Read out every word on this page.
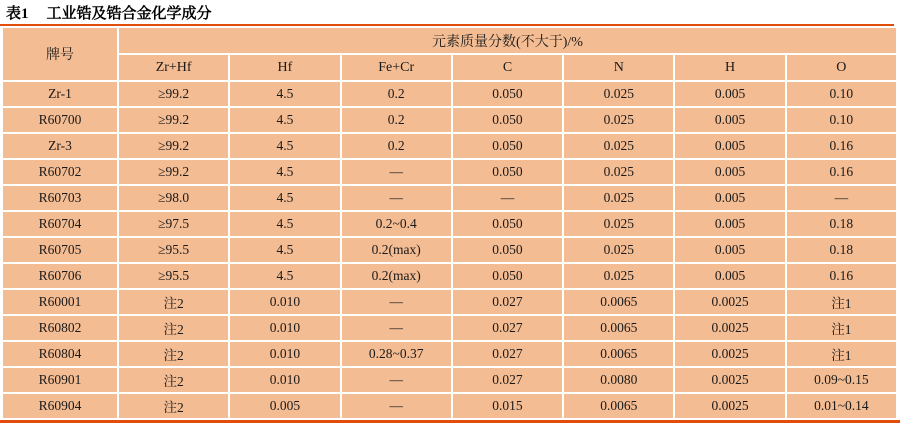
表1 工业锆及锆合金化学成分
牌号	元素质量分数(不大于)/%						
	Zr+Hf	Hf	Fe+Cr	C	N	H	O
Zr-1	≥99.2	4.5	0.2	0.050	0.025	0.005	0.10
R60700	≥99.2	4.5	0.2	0.050	0.025	0.005	0.10
Zr-3	≥99.2	4.5	0.2	0.050	0.025	0.005	0.16
R60702	≥99.2	4.5	—	0.050	0.025	0.005	0.16
R60703	≥98.0	4.5	—	—	0.025	0.005	—
R60704	≥97.5	4.5	0.2~0.4	0.050	0.025	0.005	0.18
R60705	≥95.5	4.5	0.2(max)	0.050	0.025	0.005	0.18
R60706	≥95.5	4.5	0.2(max)	0.050	0.025	0.005	0.16
R60001	注2	0.010	—	0.027	0.0065	0.0025	注1
R60802	注2	0.010	—	0.027	0.0065	0.0025	注1
R60804	注2	0.010	0.28~0.37	0.027	0.0065	0.0025	注1
R60901	注2	0.010	—	0.027	0.0080	0.0025	0.09~0.15
R60904	注2	0.005	—	0.015	0.0065	0.0025	0.01~0.14
